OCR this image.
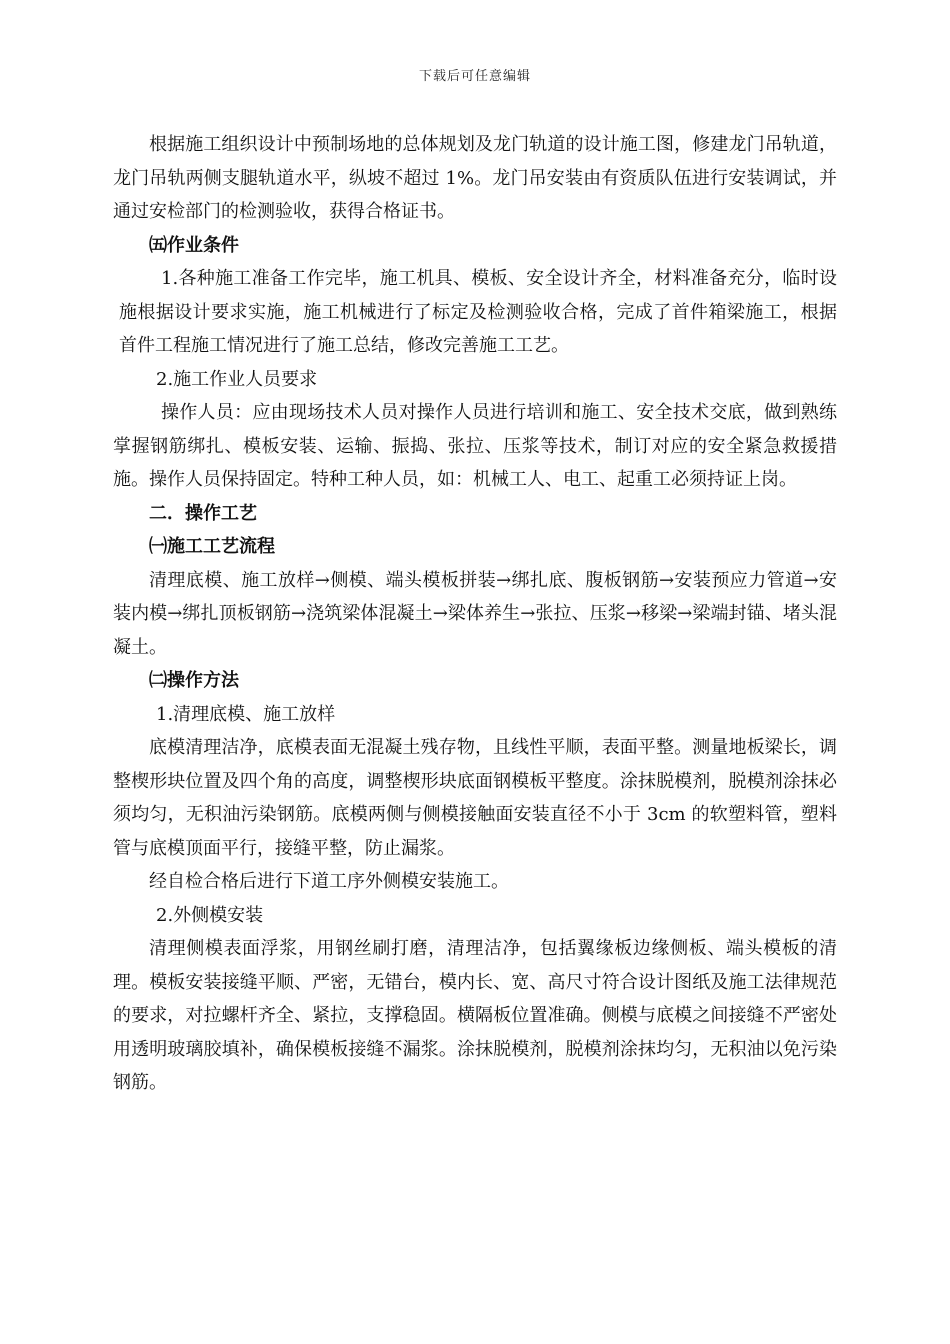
下载后可任意编辑

根据施工组织设计中预制场地的总体规划及龙门轨道的设计施工图，修建龙门吊轨道，龙门吊轨两侧支腿轨道水平，纵坡不超过 1%。龙门吊安装由有资质队伍进行安装调试，并通过安检部门的检测验收，获得合格证书。

㈤作业条件

1.各种施工准备工作完毕，施工机具、模板、安全设计齐全，材料准备充分，临时设施根据设计要求实施，施工机械进行了标定及检测验收合格，完成了首件箱梁施工，根据首件工程施工情况进行了施工总结，修改完善施工工艺。

2.施工作业人员要求

操作人员：应由现场技术人员对操作人员进行培训和施工、安全技术交底，做到熟练掌握钢筋绑扎、模板安装、运输、振捣、张拉、压浆等技术，制订对应的安全紧急救援措施。操作人员保持固定。特种工种人员，如：机械工人、电工、起重工必须持证上岗。

二．操作工艺

㈠施工工艺流程

清理底模、施工放样→侧模、端头模板拼装→绑扎底、腹板钢筋→安装预应力管道→安装内模→绑扎顶板钢筋→浇筑梁体混凝土→梁体养生→张拉、压浆→移梁→梁端封锚、堵头混凝土。

㈡操作方法

1.清理底模、施工放样

底模清理洁净，底模表面无混凝土残存物，且线性平顺，表面平整。测量地板梁长，调整楔形块位置及四个角的高度，调整楔形块底面钢模板平整度。涂抹脱模剂，脱模剂涂抹必须均匀，无积油污染钢筋。底模两侧与侧模接触面安装直径不小于 3cm 的软塑料管，塑料管与底模顶面平行，接缝平整，防止漏浆。

经自检合格后进行下道工序外侧模安装施工。

2.外侧模安装

清理侧模表面浮浆，用钢丝刷打磨，清理洁净，包括翼缘板边缘侧板、端头模板的清理。模板安装接缝平顺、严密，无错台，模内长、宽、高尺寸符合设计图纸及施工法律规范的要求，对拉螺杆齐全、紧拉，支撑稳固。横隔板位置准确。侧模与底模之间接缝不严密处用透明玻璃胶填补，确保模板接缝不漏浆。涂抹脱模剂，脱模剂涂抹均匀，无积油以免污染钢筋。
